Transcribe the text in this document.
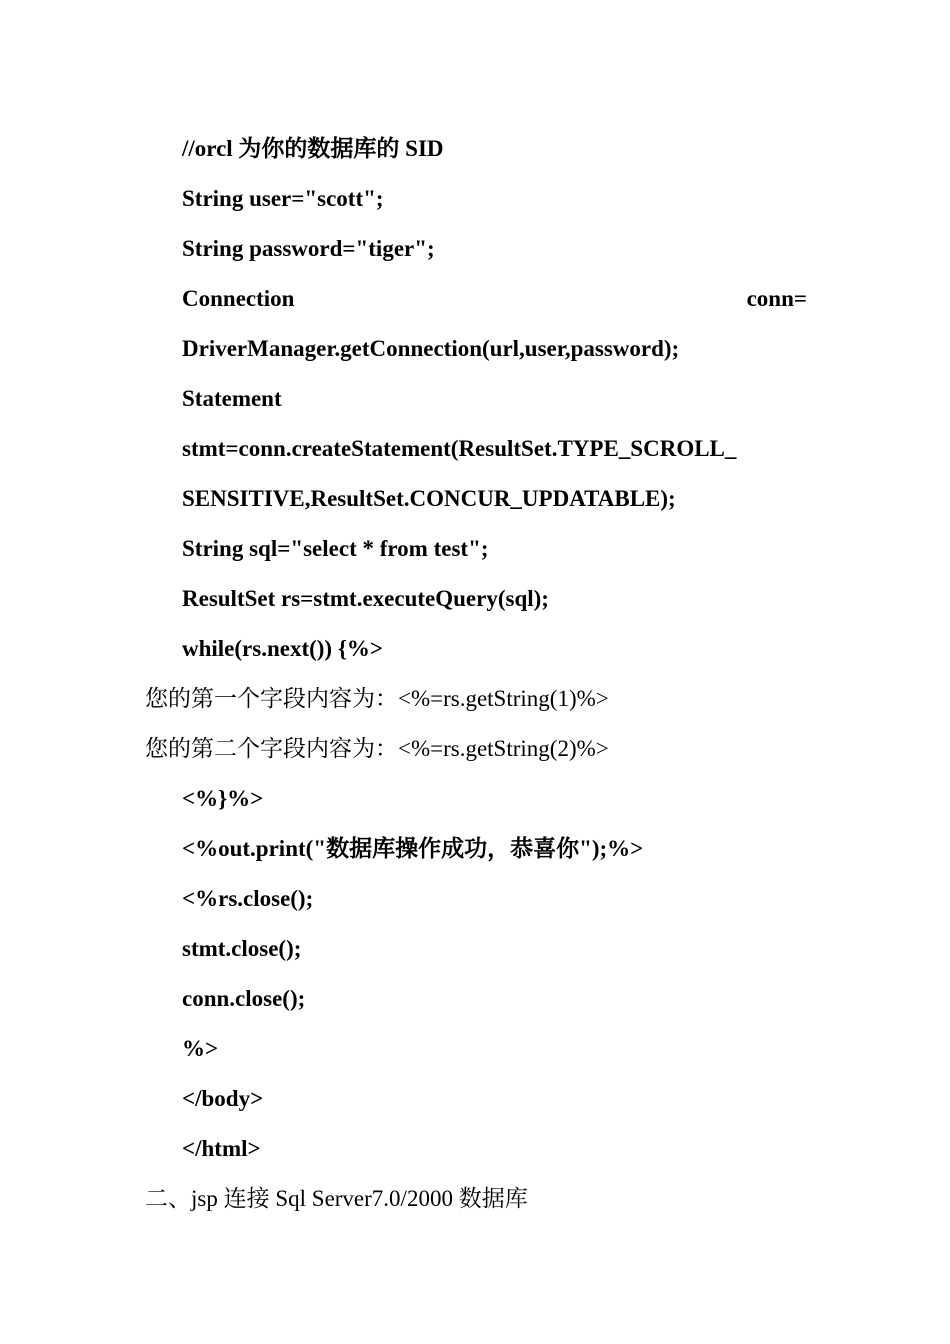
//orcl 为你的数据库的 SID
String user="scott";
String password="tiger";
Connection	conn=
DriverManager.getConnection(url,user,password);
Statement
stmt=conn.createStatement(ResultSet.TYPE_SCROLL_
SENSITIVE,ResultSet.CONCUR_UPDATABLE);
String sql="select * from test";
ResultSet rs=stmt.executeQuery(sql);
while(rs.next()) {%>
您的第一个字段内容为：<%=rs.getString(1)%>
您的第二个字段内容为：<%=rs.getString(2)%>
<%}%>
<%out.print("数据库操作成功，恭喜你");%>
<%rs.close();
stmt.close();
conn.close();
%>
</body>
</html>
二、jsp 连接 Sql Server7.0/2000 数据库
